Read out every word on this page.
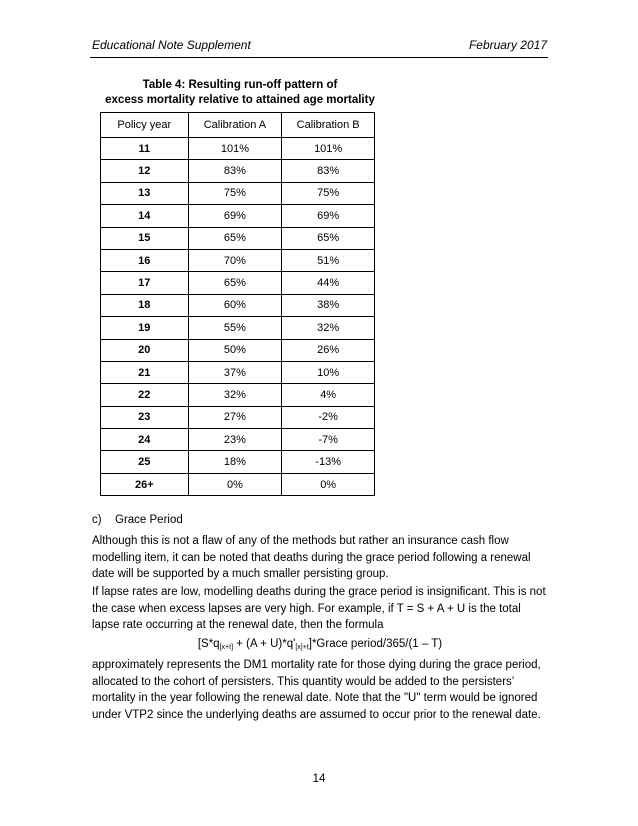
Educational Note Supplement	February 2017
Table 4: Resulting run-off pattern of
excess mortality relative to attained age mortality
Policy year	Calibration A	Calibration B
11	101%	101%
12	83%	83%
13	75%	75%
14	69%	69%
15	65%	65%
16	70%	51%
17	65%	44%
18	60%	38%
19	55%	32%
20	50%	26%
21	37%	10%
22	32%	4%
23	27%	-2%
24	23%	-7%
25	18%	-13%
26+	0%	0%
c) Grace Period
Although this is not a flaw of any of the methods but rather an insurance cash flow modelling item, it can be noted that deaths during the grace period following a renewal date will be supported by a much smaller persisting group.
If lapse rates are low, modelling deaths during the grace period is insignificant. This is not the case when excess lapses are very high. For example, if T = S + A + U is the total lapse rate occurring at the renewal date, then the formula
[$S*q_{[x+t]} + (A$ + $U)*q'_{[x]+t}]*Grace$ period/365/(1 – T)
approximately represents the DM1 mortality rate for those dying during the grace period, allocated to the cohort of persisters. This quantity would be added to the persisters’ mortality in the year following the renewal date. Note that the "U" term would be ignored under VTP2 since the underlying deaths are assumed to occur prior to the renewal date.
14
